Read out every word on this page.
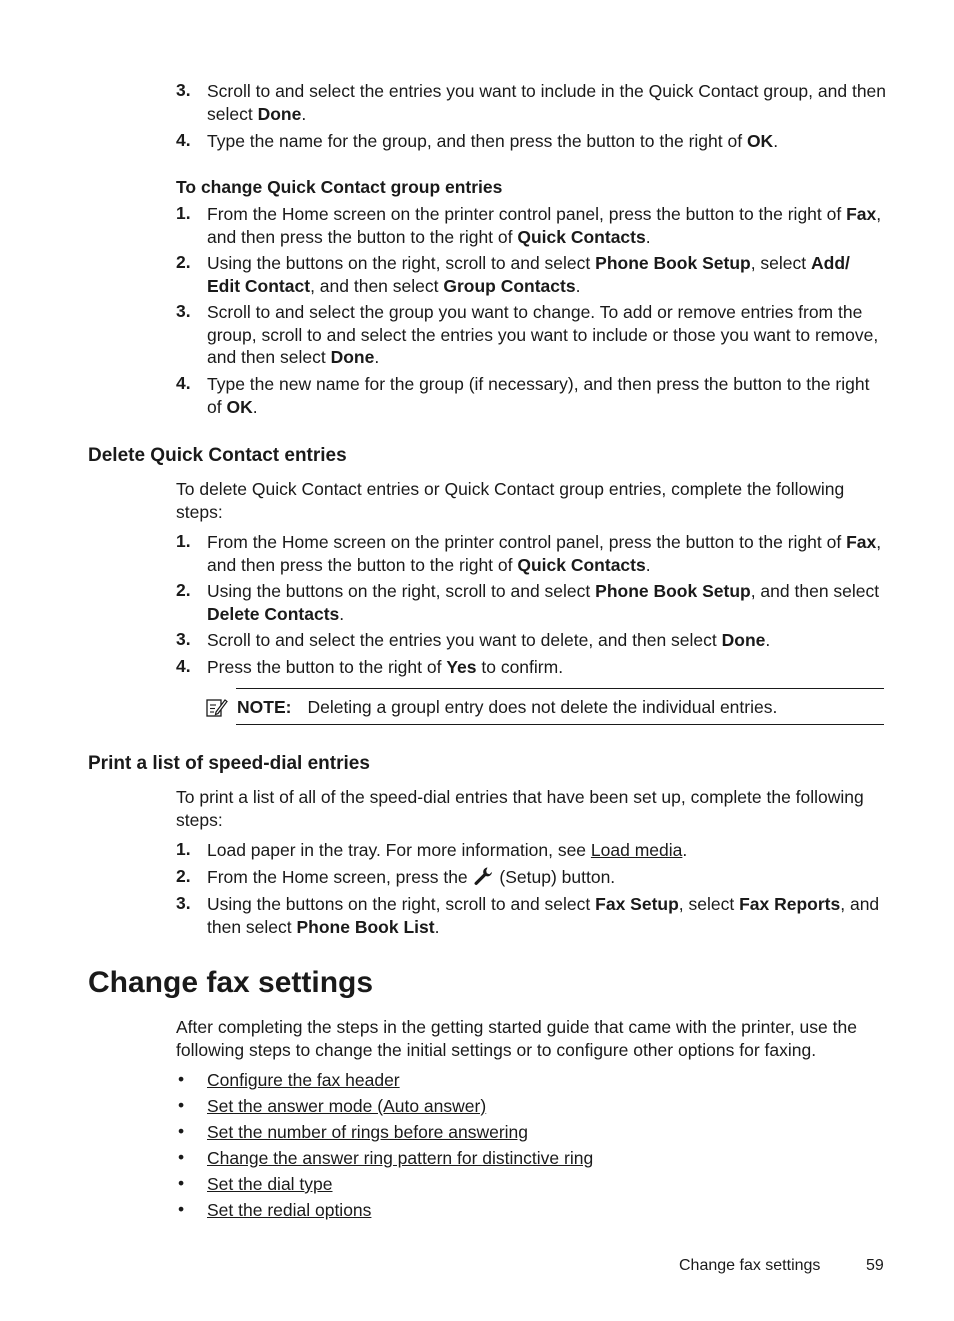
3. Scroll to and select the entries you want to include in the Quick Contact group, and then select Done.
4. Type the name for the group, and then press the button to the right of OK.
To change Quick Contact group entries
1. From the Home screen on the printer control panel, press the button to the right of Fax, and then press the button to the right of Quick Contacts.
2. Using the buttons on the right, scroll to and select Phone Book Setup, select Add/ Edit Contact, and then select Group Contacts.
3. Scroll to and select the group you want to change. To add or remove entries from the group, scroll to and select the entries you want to include or those you want to remove, and then select Done.
4. Type the new name for the group (if necessary), and then press the button to the right of OK.
Delete Quick Contact entries
To delete Quick Contact entries or Quick Contact group entries, complete the following steps:
1. From the Home screen on the printer control panel, press the button to the right of Fax, and then press the button to the right of Quick Contacts.
2. Using the buttons on the right, scroll to and select Phone Book Setup, and then select Delete Contacts.
3. Scroll to and select the entries you want to delete, and then select Done.
4. Press the button to the right of Yes to confirm.
NOTE: Deleting a groupl entry does not delete the individual entries.
Print a list of speed-dial entries
To print a list of all of the speed-dial entries that have been set up, complete the following steps:
1. Load paper in the tray. For more information, see Load media.
2. From the Home screen, press the  (Setup) button.
3. Using the buttons on the right, scroll to and select Fax Setup, select Fax Reports, and then select Phone Book List.
Change fax settings
After completing the steps in the getting started guide that came with the printer, use the following steps to change the initial settings or to configure other options for faxing.
• Configure the fax header
• Set the answer mode (Auto answer)
• Set the number of rings before answering
• Change the answer ring pattern for distinctive ring
• Set the dial type
• Set the redial options
Change fax settings	59
